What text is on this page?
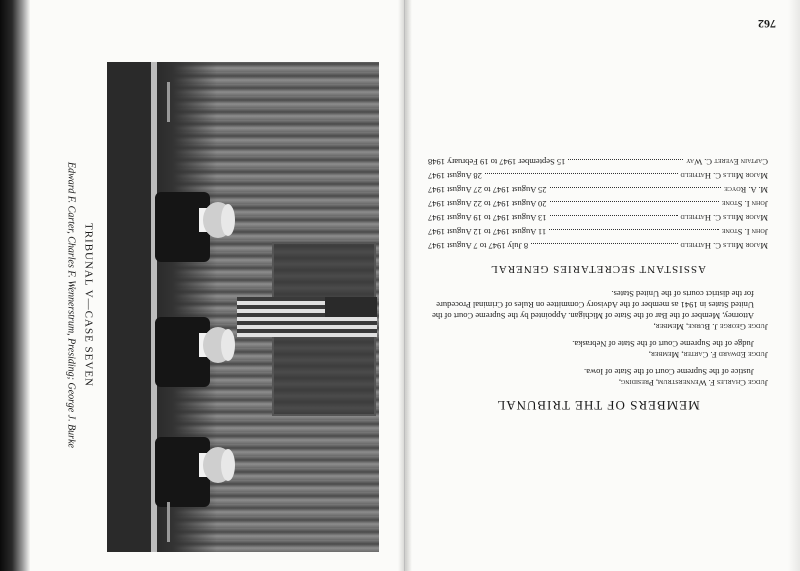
TRIBUNAL V—CASE SEVEN
Edward F. Carter, Charles F. Wennerstrum, Presiding; George J. Burke
762
MEMBERS OF THE TRIBUNAL
Judge Charles F. Wennerstrum, Presiding,
Justice of the Supreme Court of the State of Iowa.
Judge Edward F. Carter, Member,
Judge of the Supreme Court of the State of Nebraska.
Judge George J. Burke, Member,
Attorney, Member of the Bar of the State of Michigan. Appointed by the Supreme Court of the United States in 1941 as member of the Advisory Committee on Rules of Criminal Procedure for the district courts of the United States.
ASSISTANT SECRETARIES GENERAL
Major Mills C. Hatfield
8 July 1947 to 7 August 1947
John I. Stone
11 August 1947 to 12 August 1947
Major Mills C. Hatfield
13 August 1947 to 19 August 1947
John I. Stone
20 August 1947 to 22 August 1947
M. A. Royce
25 August 1947 to 27 August 1947
Major Mills C. Hatfield
28 August 1947
Captain Everet C. Way
15 September 1947 to 19 February 1948
